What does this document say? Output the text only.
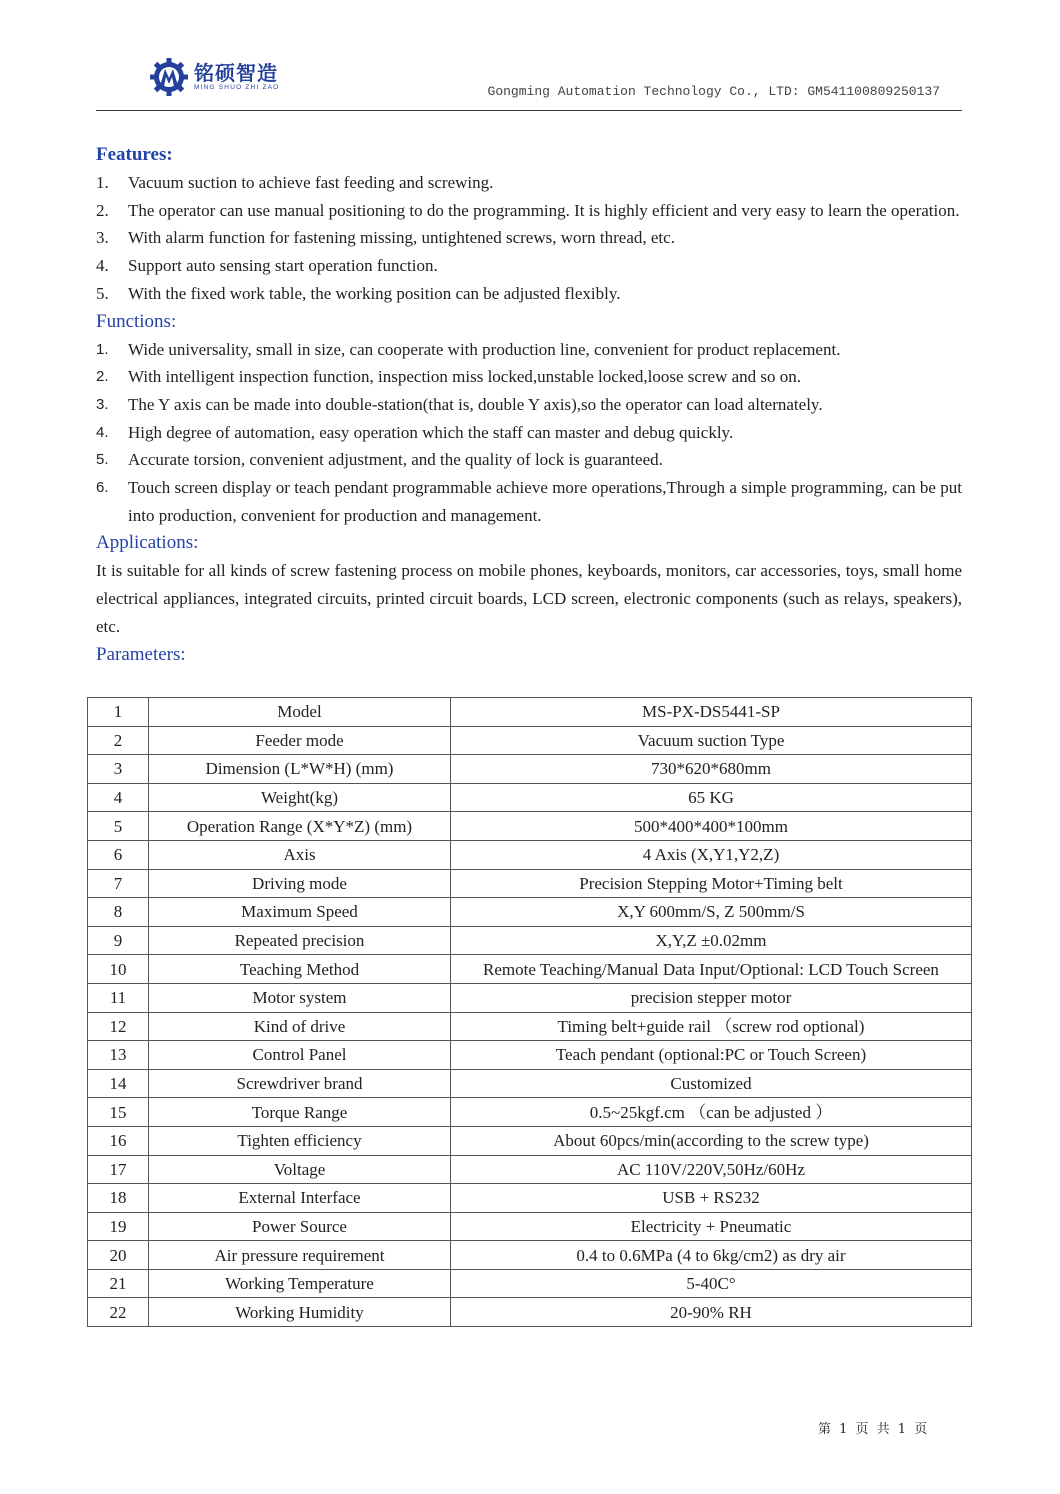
铭硕智造
MING SHUO ZHI ZAO	Gongming Automation Technology Co., LTD: GM541100809250137
Features:
1. Vacuum suction to achieve fast feeding and screwing.
2. The operator can use manual positioning to do the programming. It is highly efficient and very easy to learn the operation.
3. With alarm function for fastening missing, untightened screws, worn thread, etc.
4. Support auto sensing start operation function.
5. With the fixed work table, the working position can be adjusted flexibly.
Functions:
1. Wide universality, small in size, can cooperate with production line, convenient for product replacement.
2. With intelligent inspection function, inspection miss locked,unstable locked,loose screw and so on.
3. The Y axis can be made into double-station(that is, double Y axis),so the operator can load alternately.
4. High degree of automation, easy operation which the staff can master and debug quickly.
5. Accurate torsion, convenient adjustment, and the quality of lock is guaranteed.
6. Touch screen display or teach pendant programmable achieve more operations,Through a simple programming, can be put into production, convenient for production and management.
Applications:
It is suitable for all kinds of screw fastening process on mobile phones, keyboards, monitors, car accessories, toys, small home electrical appliances, integrated circuits, printed circuit boards, LCD screen, electronic components (such as relays, speakers), etc.
Parameters:
1	Model	MS-PX-DS5441-SP
2	Feeder mode	Vacuum suction Type
3	Dimension (L*W*H) (mm)	730*620*680mm
4	Weight(kg)	65 KG
5	Operation Range (X*Y*Z) (mm)	500*400*400*100mm
6	Axis	4 Axis (X,Y1,Y2,Z)
7	Driving mode	Precision Stepping Motor+Timing belt
8	Maximum Speed	X,Y 600mm/S, Z 500mm/S
9	Repeated precision	X,Y,Z ±0.02mm
10	Teaching Method	Remote Teaching/Manual Data Input/Optional: LCD Touch Screen
11	Motor system	precision stepper motor
12	Kind of drive	Timing belt+guide rail （screw rod optional)
13	Control Panel	Teach pendant (optional:PC or Touch Screen)
14	Screwdriver brand	Customized
15	Torque Range	0.5~25kgf.cm （can be adjusted ）
16	Tighten efficiency	About 60pcs/min(according to the screw type)
17	Voltage	AC 110V/220V,50Hz/60Hz
18	External Interface	USB + RS232
19	Power Source	Electricity + Pneumatic
20	Air pressure requirement	0.4 to 0.6MPa (4 to 6kg/cm2) as dry air
21	Working Temperature	5-40C°
22	Working Humidity	20-90% RH
第 1 页 共 1 页
